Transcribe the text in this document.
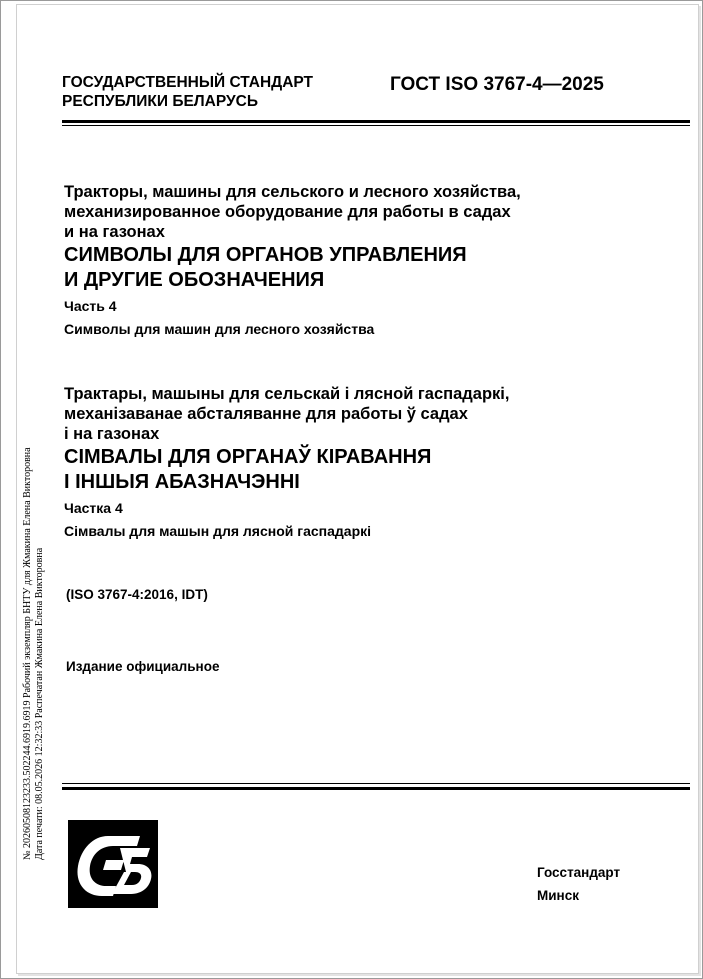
ГОСУДАРСТВЕННЫЙ СТАНДАРТ
РЕСПУБЛИКИ БЕЛАРУСЬ
ГОСТ ISO 3767-4—2025

Тракторы, машины для сельского и лесного хозяйства,
механизированное оборудование для работы в садах
и на газонах

СИМВОЛЫ ДЛЯ ОРГАНОВ УПРАВЛЕНИЯ
И ДРУГИЕ ОБОЗНАЧЕНИЯ

Часть 4

Символы для машин для лесного хозяйства

Трактары, машыны для сельскай і лясной гаспадаркі,
механізаванае абсталяванне для работы ў садах
і на газонах

СІМВАЛЫ ДЛЯ ОРГАНАЎ КІРАВАННЯ
І ІНШЫЯ АБАЗНАЧЭННІ

Частка 4

Сімвалы для машын для лясной гаспадаркі

(ISO 3767-4:2016, IDT)
Издание официальное
№ 20260508123233.502244.6919.6919 Рабочий экземпляр БНТУ для Жмакина Елена Викторовна
Дата печати: 08.05.2026 12:32:33 Распечатан Жмакина Елена Викторовна
Госстандарт
Минск
